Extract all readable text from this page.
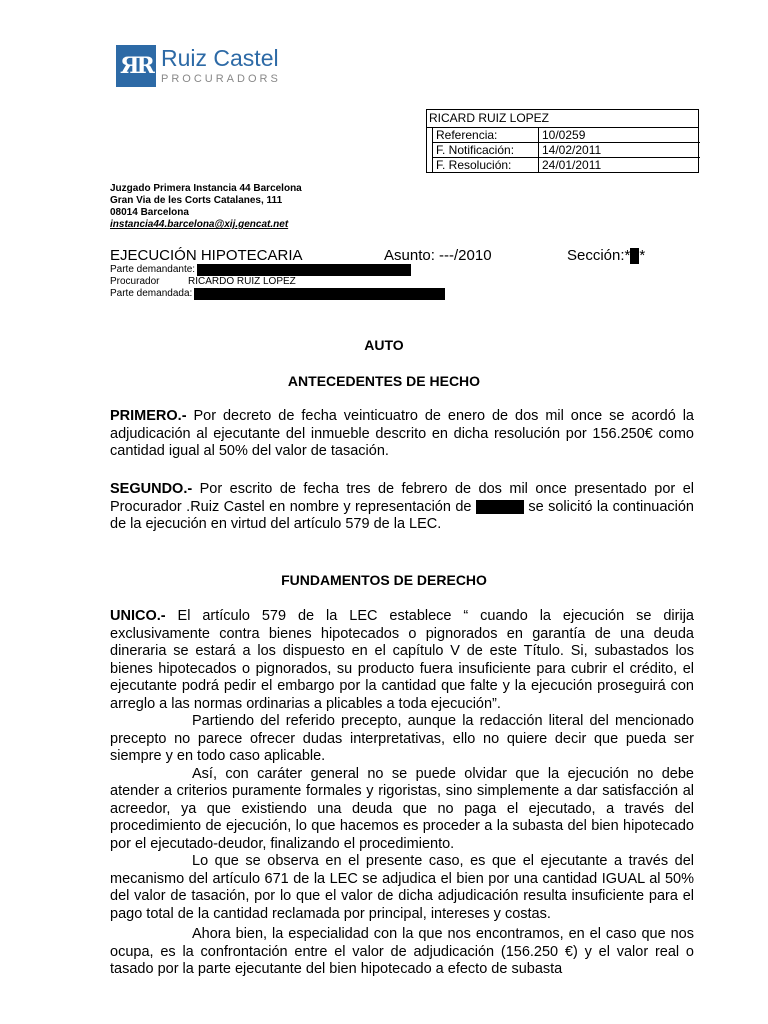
ЯR Ruiz Castel
PROCURADORS
RICARD RUIZ LOPEZ
Referencia:	10/0259
F. Notificación:	14/02/2011
F. Resolución:	24/01/2011
Juzgado Primera Instancia 44 Barcelona
Gran Via de les Corts Catalanes, 111
08014 Barcelona
instancia44.barcelona@xij.gencat.net
EJECUCIÓN HIPOTECARIA	Asunto: ---/2010	Sección:* *
Parte demandante:
Procurador	RICARDO RUIZ LOPEZ
Parte demandada:
AUTO
ANTECEDENTES DE HECHO

PRIMERO.- Por decreto de fecha veinticuatro de enero de dos mil once se acordó la adjudicación al ejecutante del inmueble descrito en dicha resolución por 156.250€ como cantidad igual al 50% del valor de tasación.

SEGUNDO.- Por escrito de fecha tres de febrero de dos mil once presentado por el Procurador .Ruiz Castel en nombre y representación de	se solicitó la continuación de la ejecución en virtud del artículo 579 de la LEC.

FUNDAMENTOS DE DERECHO

UNICO.- El artículo 579 de la LEC establece “ cuando la ejecución se dirija exclusivamente contra bienes hipotecados o pignorados en garantía de una deuda dineraria se estará a los dispuesto en el capítulo V de este Título. Si, subastados los bienes hipotecados o pignorados, su producto fuera insuficiente para cubrir el crédito, el ejecutante podrá pedir el embargo por la cantidad que falte y la ejecución proseguirá con arreglo a las normas ordinarias a plicables a toda ejecución”.

Partiendo del referido precepto, aunque la redacción literal del mencionado precepto no parece ofrecer dudas interpretativas, ello no quiere decir que pueda ser siempre y en todo caso aplicable.

Así, con caráter general no se puede olvidar que la ejecución no debe atender a criterios puramente formales y rigoristas, sino simplemente a dar satisfacción al acreedor, ya que existiendo una deuda que no paga el ejecutado, a través del procedimiento de ejecución, lo que hacemos es proceder a la subasta del bien hipotecado por el ejecutado-deudor, finalizando el procedimiento.

Lo que se observa en el presente caso, es que el ejecutante a través del mecanismo del artículo 671 de la LEC se adjudica el bien por una cantidad IGUAL al 50% del valor de tasación, por lo que el valor de dicha adjudicación resulta insuficiente para el pago total de la cantidad reclamada por principal, intereses y costas.

Ahora bien, la especialidad con la que nos encontramos, en el caso que nos ocupa, es la confrontación entre el valor de adjudicación (156.250 €) y el valor real o tasado por la parte ejecutante del bien hipotecado a efecto de subasta
